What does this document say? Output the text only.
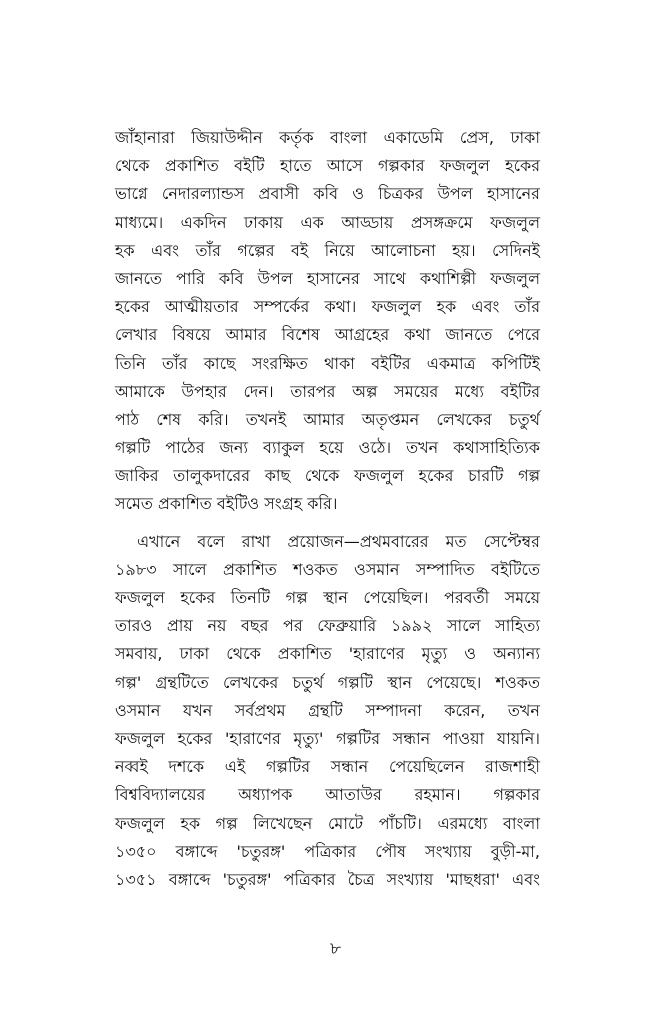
জাঁহানারা জিয়াউদ্দীন কর্তৃক বাংলা একাডেমি প্রেস, ঢাকা
থেকে প্রকাশিত বইটি হাতে আসে গল্পকার ফজলুল হকের
ভাগ্নে নেদারল্যান্ডস প্রবাসী কবি ও চিত্রকর উপল হাসানের
মাধ্যমে। একদিন ঢাকায় এক আড্ডায় প্রসঙ্গক্রমে ফজলুল
হক এবং তাঁর গল্পের বই নিয়ে আলোচনা হয়। সেদিনই
জানতে পারি কবি উপল হাসানের সাথে কথাশিল্পী ফজলুল
হকের আত্মীয়তার সম্পর্কের কথা। ফজলুল হক এবং তাঁর
লেখার বিষয়ে আমার বিশেষ আগ্রহের কথা জানতে পেরে
তিনি তাঁর কাছে সংরক্ষিত থাকা বইটির একমাত্র কপিটিই
আমাকে উপহার দেন। তারপর অল্প সময়ের মধ্যে বইটির
পাঠ শেষ করি। তখনই আমার অতৃপ্তমন লেখকের চতুর্থ
গল্পটি পাঠের জন্য ব্যাকুল হয়ে ওঠে। তখন কথাসাহিত্যিক
জাকির তালুকদারের কাছ থেকে ফজলুল হকের চারটি গল্প
সমেত প্রকাশিত বইটিও সংগ্রহ করি।

এখানে বলে রাখা প্রয়োজন—প্রথমবারের মত সেপ্টেম্বর
১৯৮৩ সালে প্রকাশিত শওকত ওসমান সম্পাদিত বইটিতে
ফজলুল হকের তিনটি গল্প স্থান পেয়েছিল। পরবর্তী সময়ে
তারও প্রায় নয় বছর পর ফেব্রুয়ারি ১৯৯২ সালে সাহিত্য
সমবায়, ঢাকা থেকে প্রকাশিত 'হারাণের মৃত্যু ও অন্যান্য
গল্প' গ্রন্থটিতে লেখকের চতুর্থ গল্পটি স্থান পেয়েছে। শওকত
ওসমান যখন সর্বপ্রথম গ্রন্থটি সম্পাদনা করেন, তখন
ফজলুল হকের 'হারাণের মৃত্যু' গল্পটির সন্ধান পাওয়া যায়নি।
নব্বই দশকে এই গল্পটির সন্ধান পেয়েছিলেন রাজশাহী
বিশ্ববিদ্যালয়ের অধ্যাপক আতাউর রহমান। গল্পকার
ফজলুল হক গল্প লিখেছেন মোটে পাঁচটি। এরমধ্যে বাংলা
১৩৫০ বঙ্গাব্দে 'চতুরঙ্গ' পত্রিকার পৌষ সংখ্যায় বুড়ী-মা,
১৩৫১ বঙ্গাব্দে 'চতুরঙ্গ' পত্রিকার চৈত্র সংখ্যায় 'মাছধরা' এবং

৮
